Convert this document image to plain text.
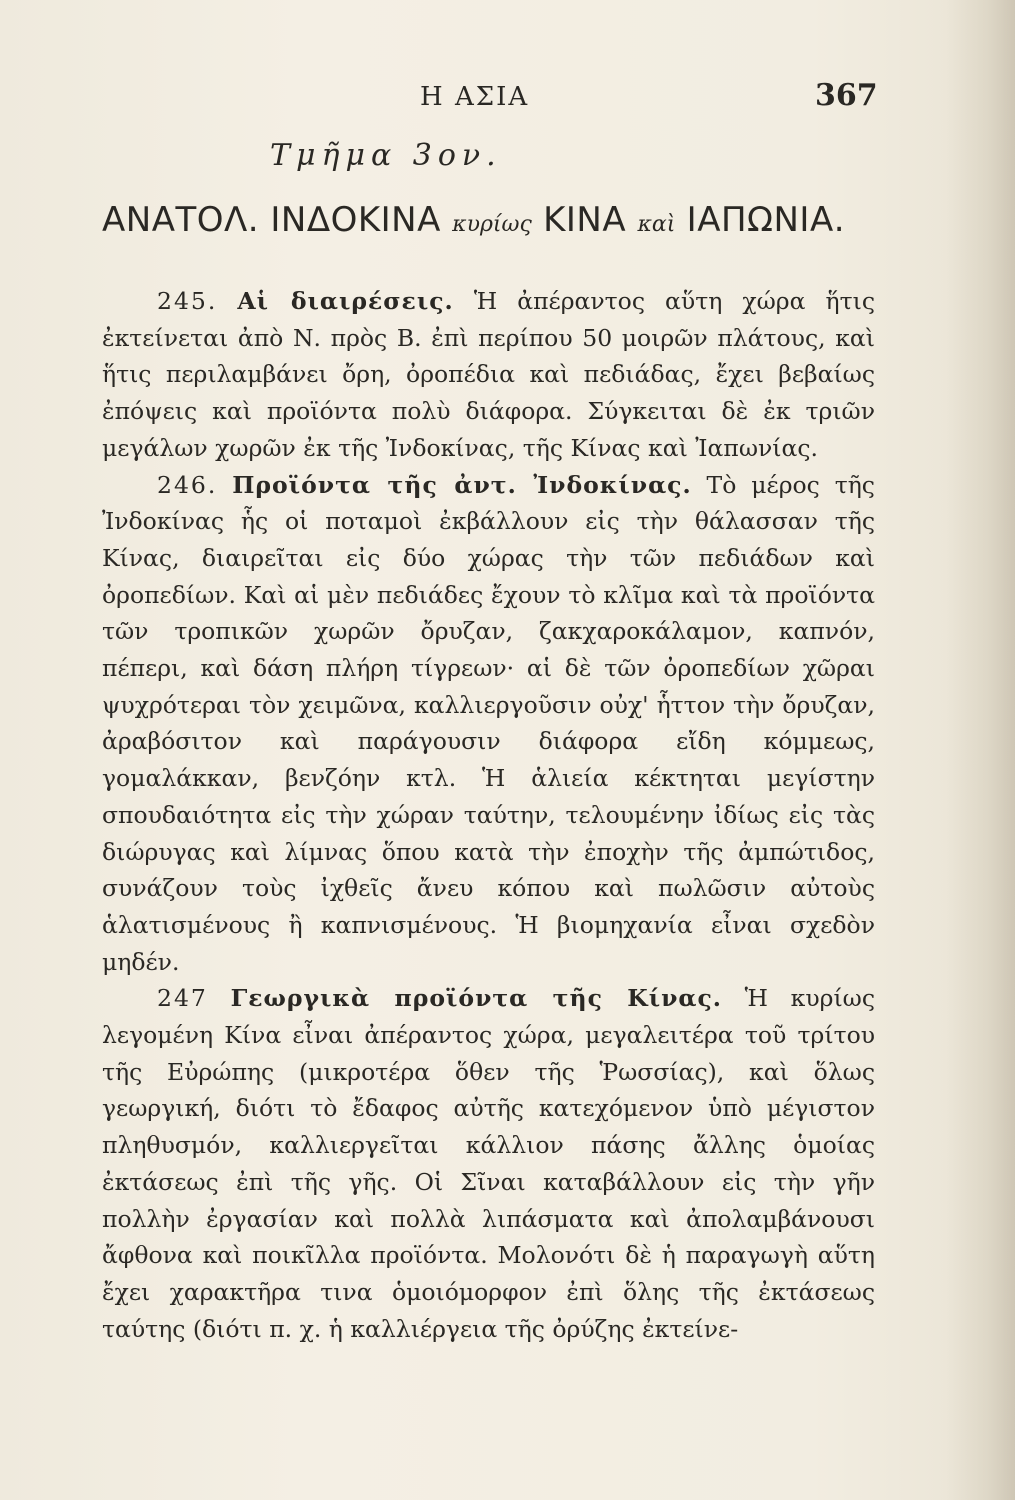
Η ΑΣΙΑ	367
Τμῆμα 3ον.
ΑΝΑΤΟΛ. ΙΝΔΟΚΙΝΑ κυρίως ΚΙΝΑ καὶ ΙΑΠΩΝΙΑ.

245. Αἱ διαιρέσεις. Ἡ ἀπέραντος αὕτη χώρα ἥτις ἐκτείνεται ἀπὸ Ν. πρὸς Β. ἐπὶ περίπου 50 μοιρῶν πλάτους, καὶ ἥτις περιλαμβάνει ὄρη, ὀροπέδια καὶ πεδιάδας, ἔχει βεβαίως ἐπόψεις καὶ προϊόντα πολὺ διάφορα. Σύγκειται δὲ ἐκ τριῶν μεγάλων χωρῶν ἐκ τῆς Ἰνδοκίνας, τῆς Κίνας καὶ Ἰαπωνίας.

246. Προϊόντα τῆς ἀντ. Ἰνδοκίνας. Τὸ μέρος τῆς Ἰνδοκίνας ἧς οἱ ποταμοὶ ἐκβάλλουν εἰς τὴν θάλασσαν τῆς Κίνας, διαιρεῖται εἰς δύο χώρας τὴν τῶν πεδιάδων καὶ ὀροπεδίων. Καὶ αἱ μὲν πεδιάδες ἔχουν τὸ κλῖμα καὶ τὰ προϊόντα τῶν τροπικῶν χωρῶν ὄρυζαν, ζακχαροκάλαμον, καπνόν, πέπερι, καὶ δάση πλήρη τίγρεων· αἱ δὲ τῶν ὀροπεδίων χῶραι ψυχρότεραι τὸν χειμῶνα, καλλιεργοῦσιν οὐχ' ἧττον τὴν ὄρυζαν, ἀραβόσιτον καὶ παράγουσιν διάφορα εἴδη κόμμεως, γομαλάκκαν, βενζόην κτλ. Ἡ ἁλιεία κέκτηται μεγίστην σπουδαιότητα εἰς τὴν χώραν ταύτην, τελουμένην ἰδίως εἰς τὰς διώρυγας καὶ λίμνας ὅπου κατὰ τὴν ἐποχὴν τῆς ἀμπώτιδος, συνάζουν τοὺς ἰχθεῖς ἄνευ κόπου καὶ πωλῶσιν αὐτοὺς ἁλατισμένους ἢ καπνισμένους. Ἡ βιομηχανία εἶναι σχεδὸν μηδέν.

247 Γεωργικὰ προϊόντα τῆς Κίνας. Ἡ κυρίως λεγομένη Κίνα εἶναι ἀπέραντος χώρα, μεγαλειτέρα τοῦ τρίτου τῆς Εὐρώπης (μικροτέρα ὅθεν τῆς Ῥωσσίας), καὶ ὅλως γεωργική, διότι τὸ ἔδαφος αὐτῆς κατεχόμενον ὑπὸ μέγιστον πληθυσμόν, καλλιεργεῖται κάλλιον πάσης ἄλλης ὁμοίας ἐκτάσεως ἐπὶ τῆς γῆς. Οἱ Σῖναι καταβάλλουν εἰς τὴν γῆν πολλὴν ἐργασίαν καὶ πολλὰ λιπάσματα καὶ ἀπολαμβάνουσι ἄφθονα καὶ ποικῖλλα προϊόντα. Μολονότι δὲ ἡ παραγωγὴ αὕτη ἔχει χαρακτῆρα τινα ὁμοιόμορφον ἐπὶ ὅλης τῆς ἐκτάσεως ταύτης (διότι π. χ. ἡ καλλιέργεια τῆς ὀρύζης ἐκτείνε-
